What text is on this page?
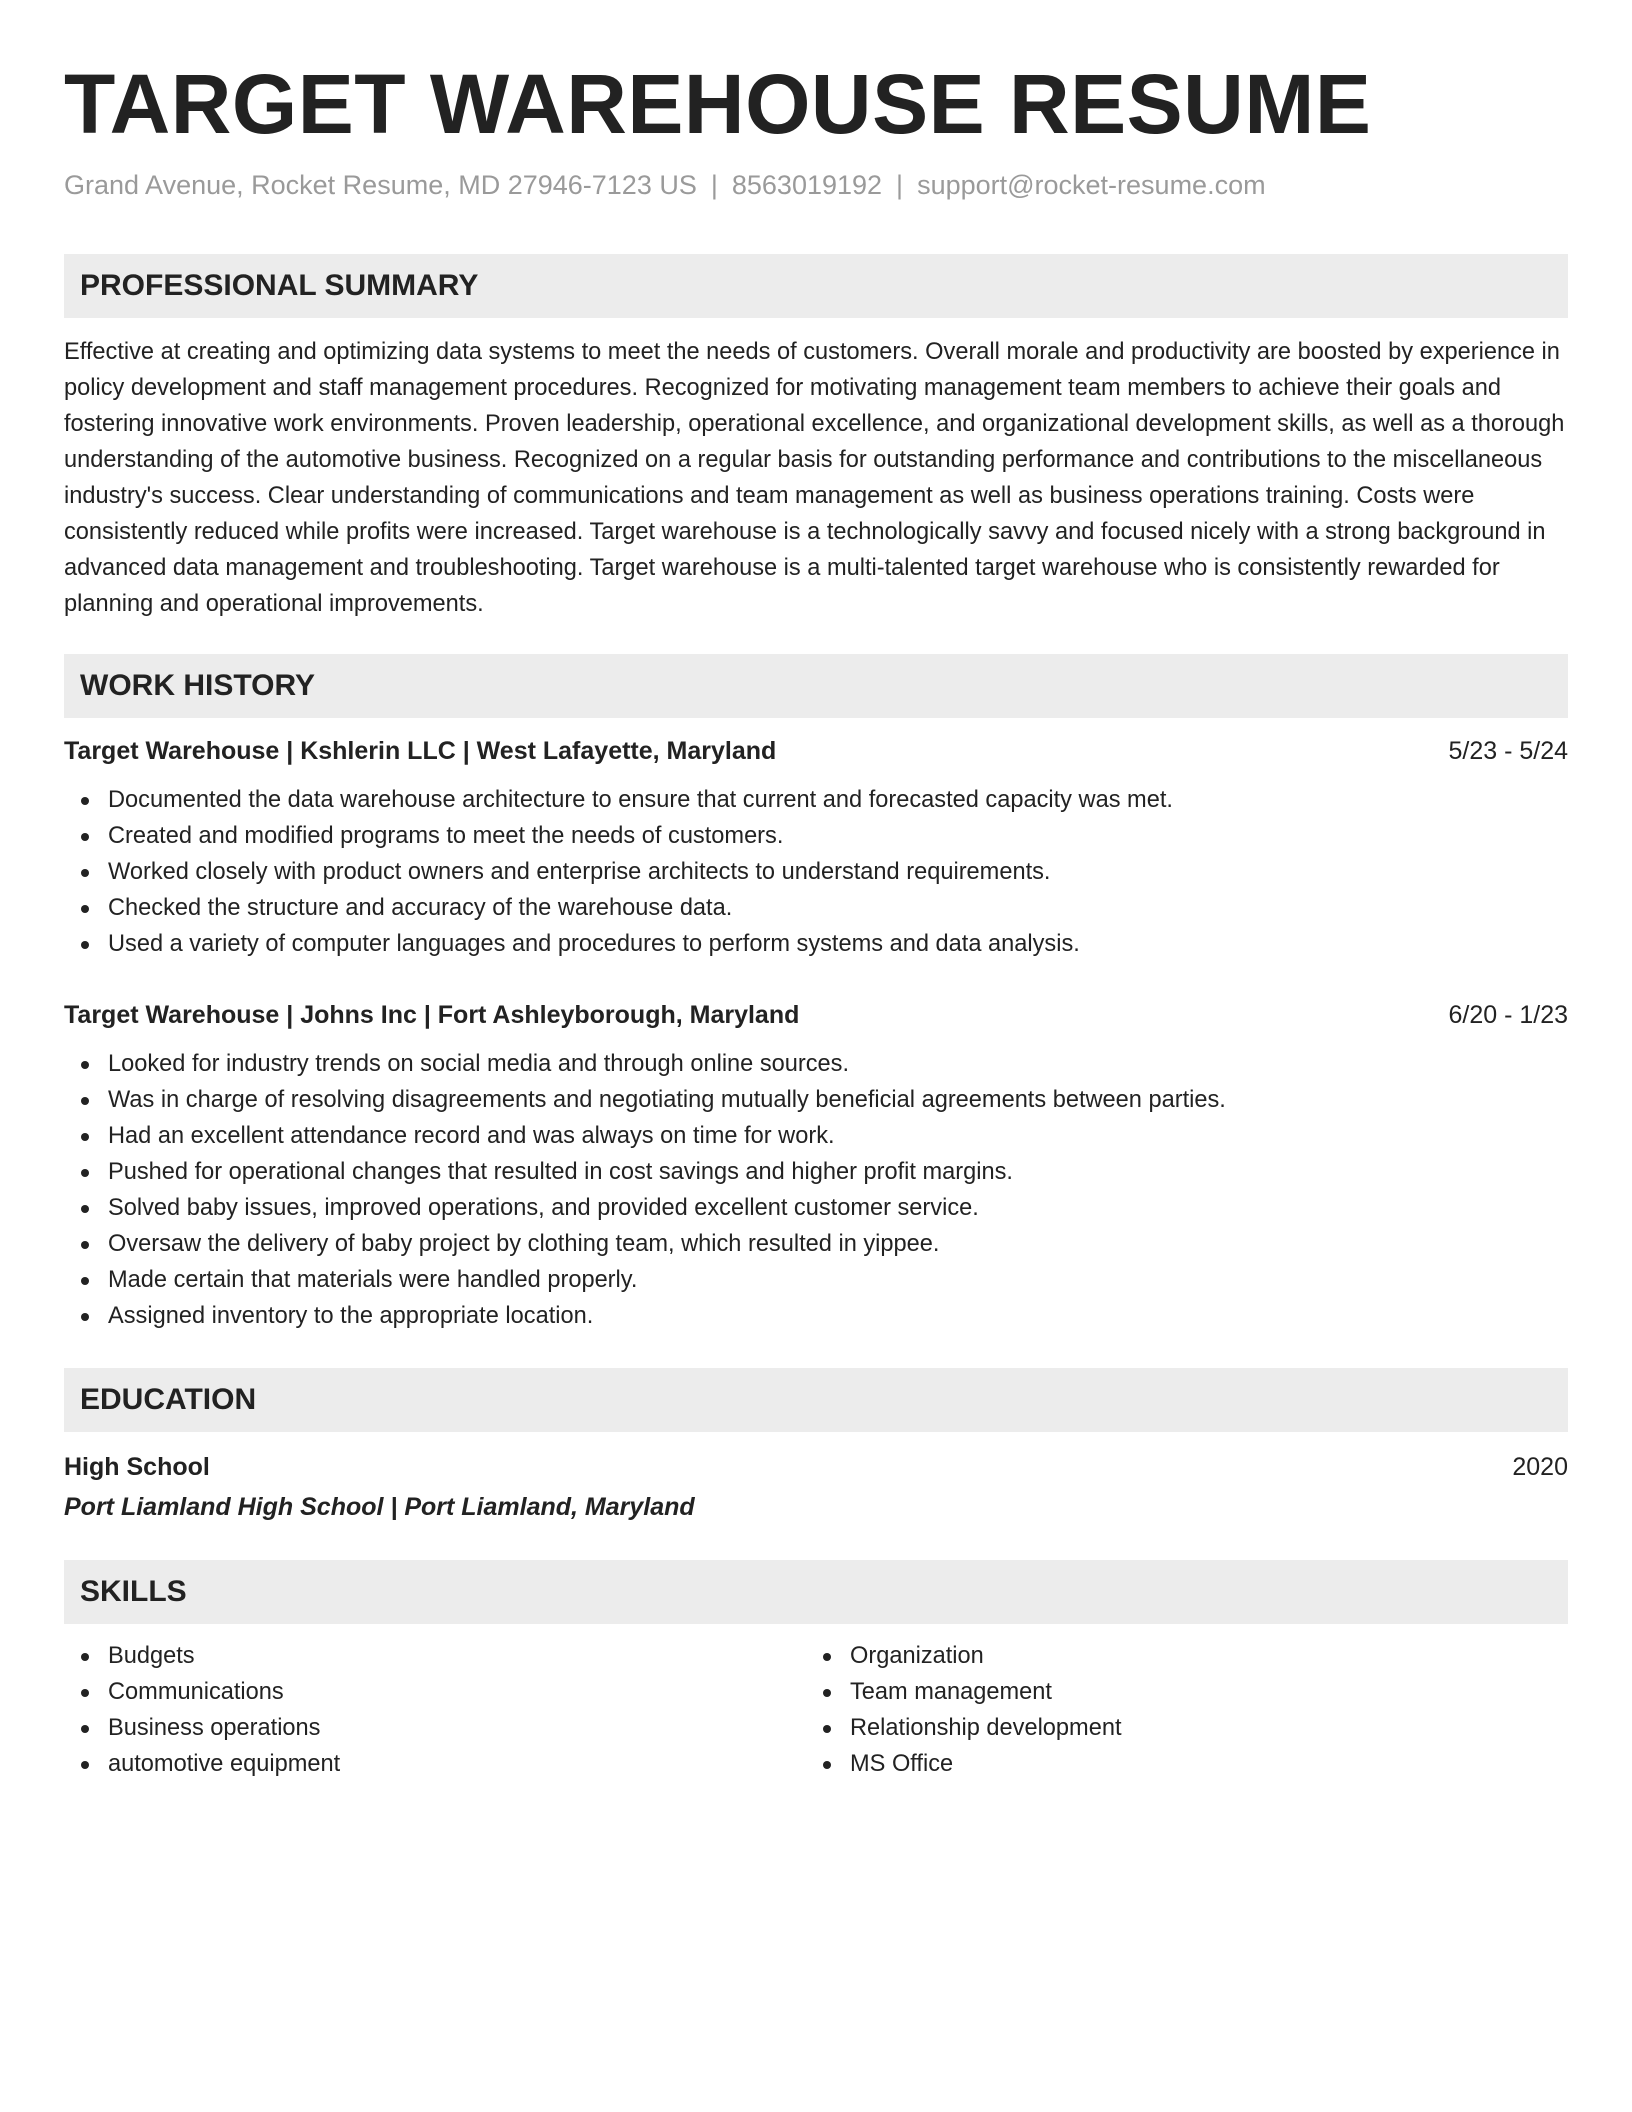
TARGET WAREHOUSE RESUME
Grand Avenue, Rocket Resume, MD 27946-7123 US | 8563019192 | support@rocket-resume.com
PROFESSIONAL SUMMARY

Effective at creating and optimizing data systems to meet the needs of customers. Overall morale and productivity are boosted by experience in policy development and staff management procedures. Recognized for motivating management team members to achieve their goals and fostering innovative work environments. Proven leadership, operational excellence, and organizational development skills, as well as a thorough understanding of the automotive business. Recognized on a regular basis for outstanding performance and contributions to the miscellaneous industry's success. Clear understanding of communications and team management as well as business operations training. Costs were consistently reduced while profits were increased. Target warehouse is a technologically savvy and focused nicely with a strong background in advanced data management and troubleshooting. Target warehouse is a multi-talented target warehouse who is consistently rewarded for planning and operational improvements.

WORK HISTORY
Target Warehouse | Kshlerin LLC | West Lafayette, Maryland	5/23 - 5/24
Documented the data warehouse architecture to ensure that current and forecasted capacity was met.
Created and modified programs to meet the needs of customers.
Worked closely with product owners and enterprise architects to understand requirements.
Checked the structure and accuracy of the warehouse data.
Used a variety of computer languages and procedures to perform systems and data analysis.
Target Warehouse | Johns Inc | Fort Ashleyborough, Maryland	6/20 - 1/23
Looked for industry trends on social media and through online sources.
Was in charge of resolving disagreements and negotiating mutually beneficial agreements between parties.
Had an excellent attendance record and was always on time for work.
Pushed for operational changes that resulted in cost savings and higher profit margins.
Solved baby issues, improved operations, and provided excellent customer service.
Oversaw the delivery of baby project by clothing team, which resulted in yippee.
Made certain that materials were handled properly.
Assigned inventory to the appropriate location.
EDUCATION
High School	2020
Port Liamland High School | Port Liamland, Maryland
SKILLS
Budgets
Communications
Business operations
automotive equipment
Organization
Team management
Relationship development
MS Office
